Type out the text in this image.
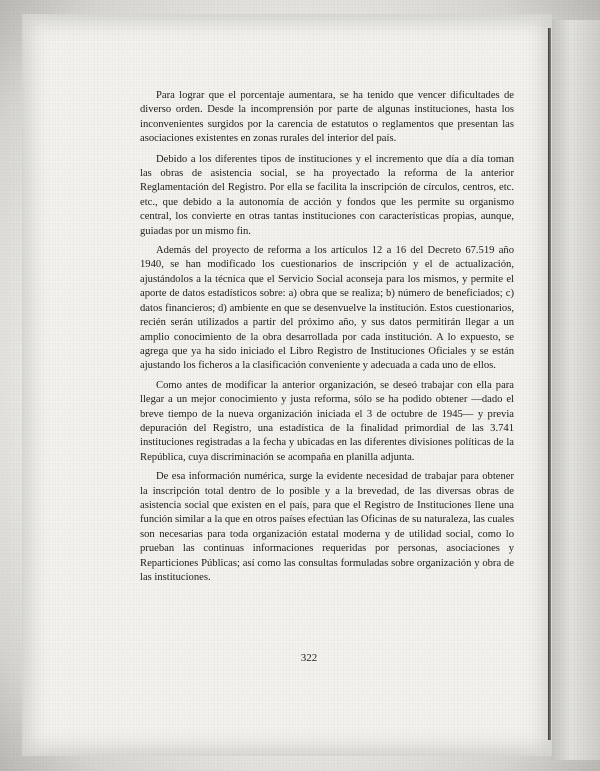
Para lograr que el porcentaje aumentara, se ha tenido que vencer dificultades de diverso orden. Desde la incomprensión por parte de algunas instituciones, hasta los inconvenientes surgidos por la carencia de estatutos o reglamentos que presentan las asociaciones existentes en zonas rurales del interior del país.

Debido a los diferentes tipos de instituciones y el incremento que día a día toman las obras de asistencia social, se ha proyectado la reforma de la anterior Reglamentación del Registro. Por ella se facilita la inscripción de círculos, centros, etc. etc., que debido a la autonomía de acción y fondos que les permite su organismo central, los convierte en otras tantas instituciones con características propias, aunque, guiadas por un mismo fin.

Además del proyecto de reforma a los artículos 12 a 16 del Decreto 67.519 año 1940, se han modificado los cuestionarios de inscripción y el de actualización, ajustándolos a la técnica que el Servicio Social aconseja para los mismos, y permite el aporte de datos estadísticos sobre: a) obra que se realiza; b) número de beneficiados; c) datos financieros; d) ambiente en que se desenvuelve la institución. Estos cuestionarios, recién serán utilizados a partir del próximo año, y sus datos permitirán llegar a un amplio conocimiento de la obra desarrollada por cada institución. A lo expuesto, se agrega que ya ha sido iniciado el Libro Registro de Instituciones Oficiales y se están ajustando los ficheros a la clasificación conveniente y adecuada a cada uno de ellos.

Como antes de modificar la anterior organización, se deseó trabajar con ella para llegar a un mejor conocimiento y justa reforma, sólo se ha podido obtener —dado el breve tiempo de la nueva organización iniciada el 3 de octubre de 1945— y previa depuración del Registro, una estadística de la finalidad primordial de las 3.741 instituciones registradas a la fecha y ubicadas en las diferentes divisiones políticas de la República, cuya discriminación se acompaña en planilla adjunta.

De esa información numérica, surge la evidente necesidad de trabajar para obtener la inscripción total dentro de lo posible y a la brevedad, de las diversas obras de asistencia social que existen en el país, para que el Registro de Instituciones llene una función similar a la que en otros países efectúan las Oficinas de su naturaleza, las cuales son necesarias para toda organización estatal moderna y de utilidad social, como lo prueban las continuas informaciones requeridas por personas, asociaciones y Reparticiones Públicas; así como las consultas formuladas sobre organización y obra de las instituciones.

322
